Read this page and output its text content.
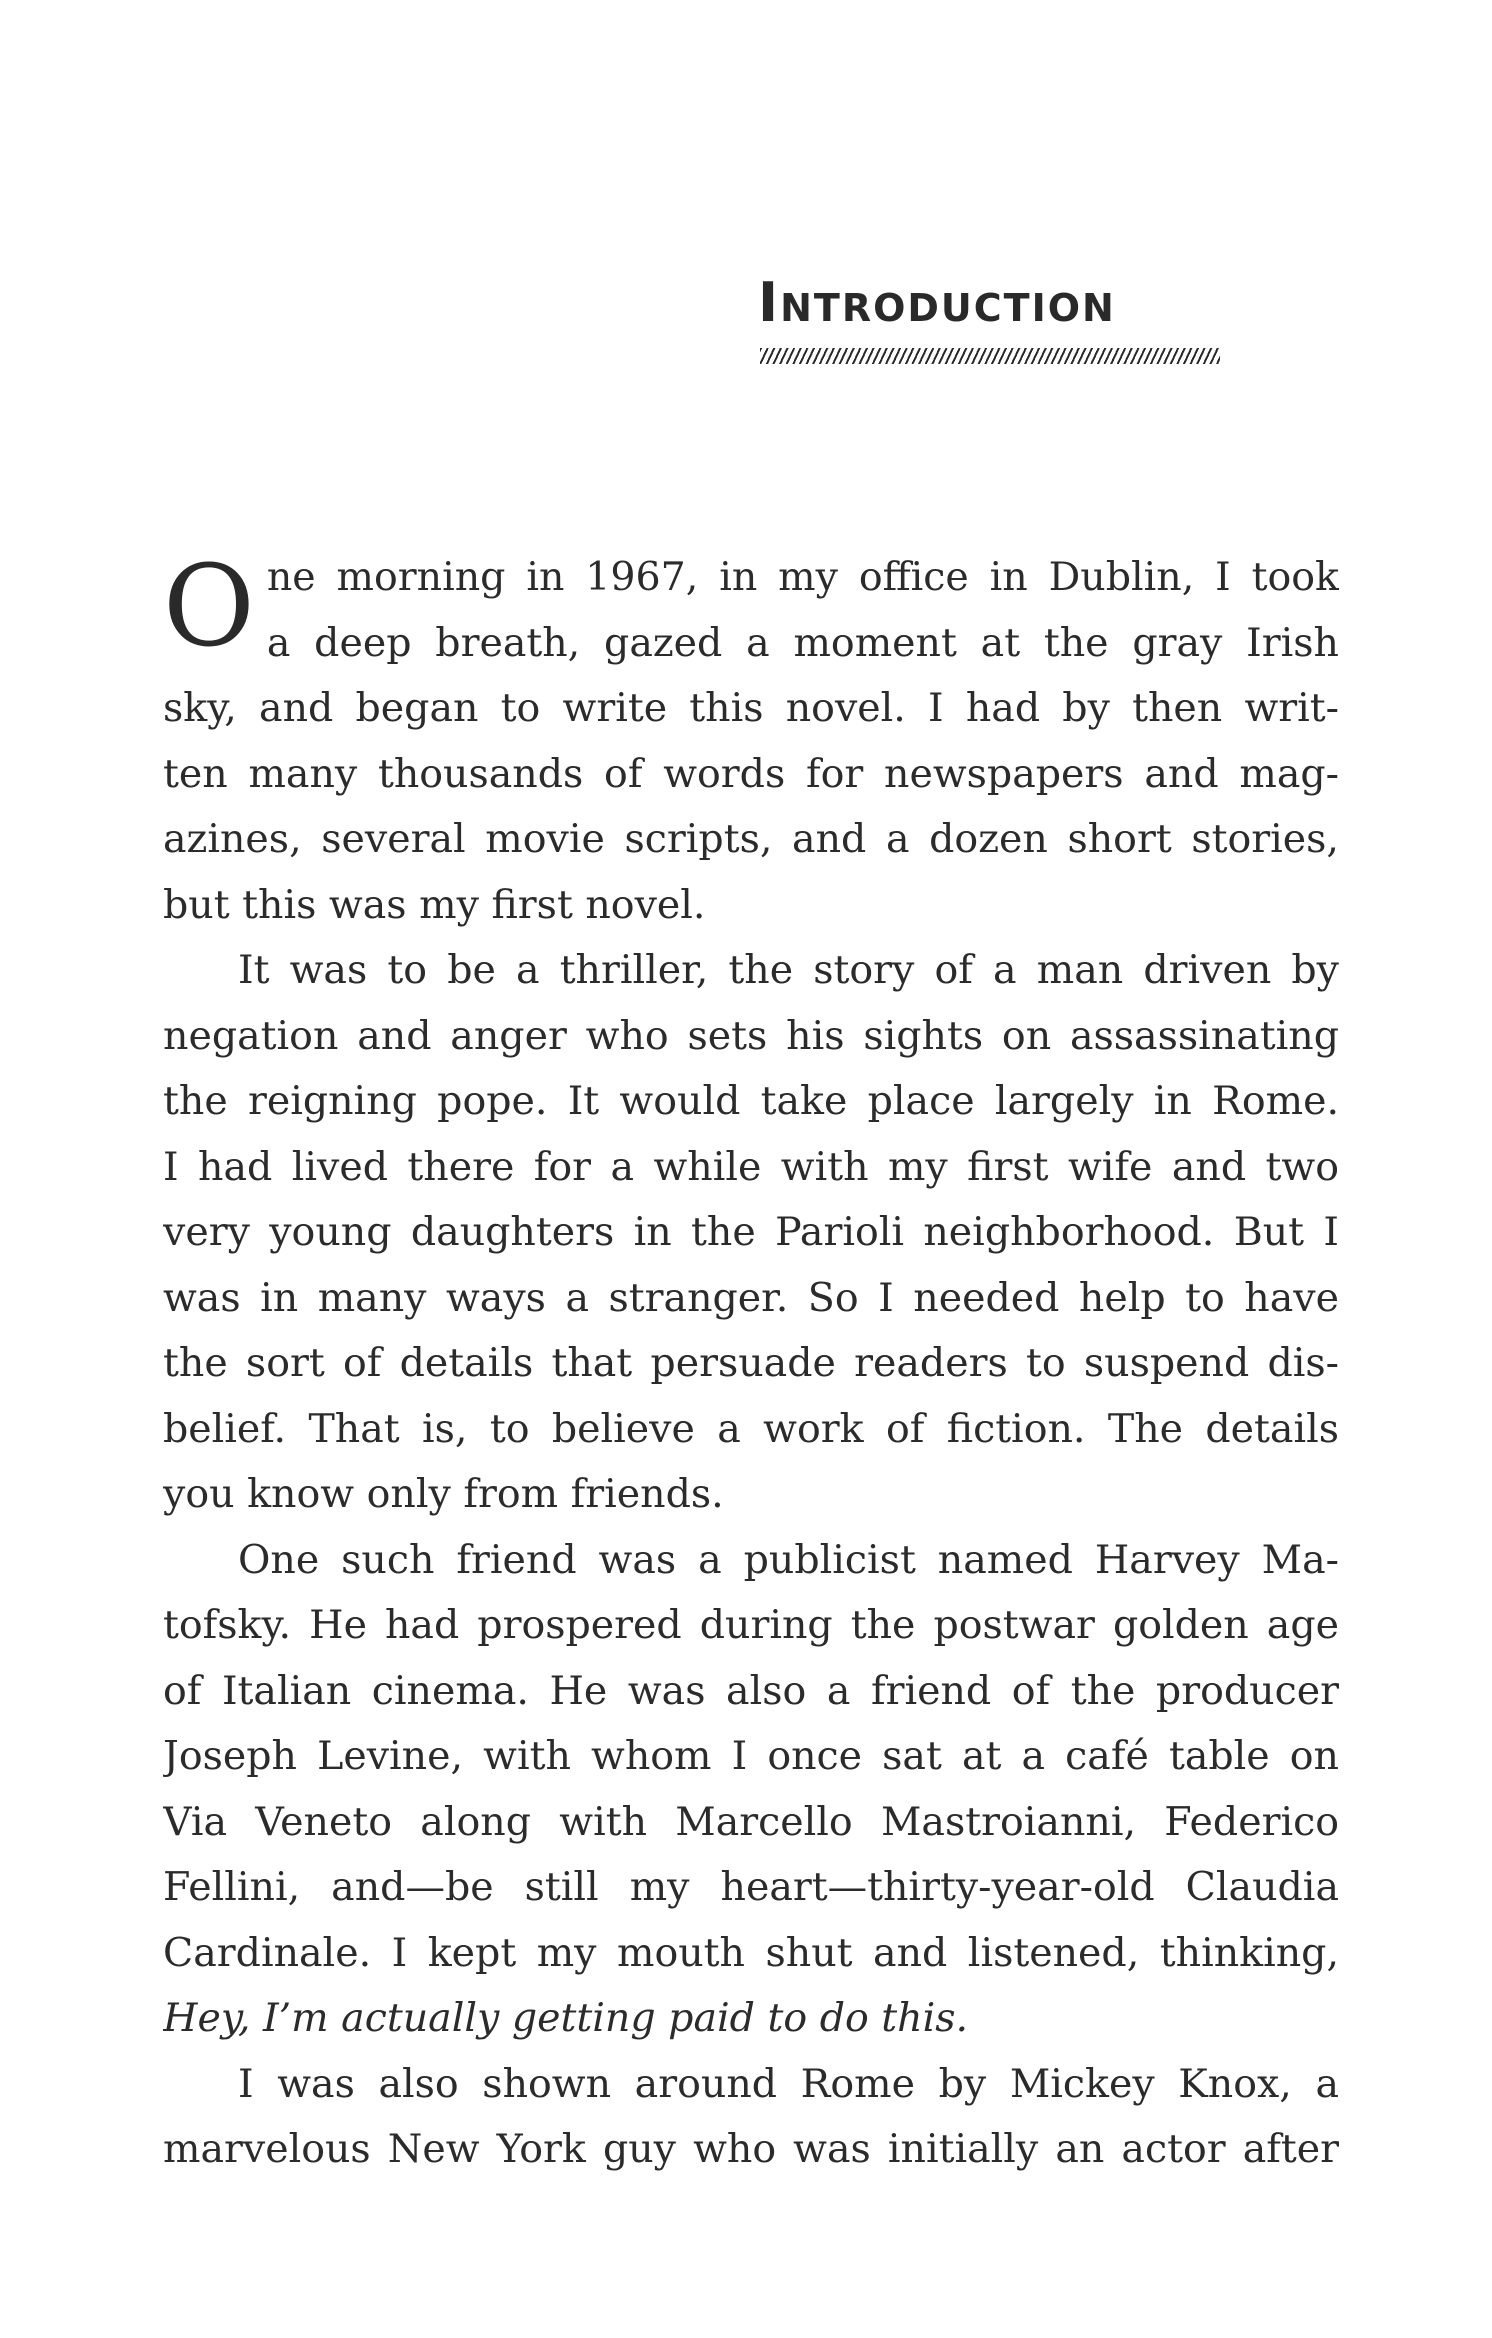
Introduction
O ne morning in 1967, in my office in Dublin, I took
a deep breath, gazed a moment at the gray Irish
sky, and began to write this novel. I had by then writ-
ten many thousands of words for newspapers and mag-
azines, several movie scripts, and a dozen short stories,
but this was my first novel.
It was to be a thriller, the story of a man driven by
negation and anger who sets his sights on assassinating
the reigning pope. It would take place largely in Rome.
I had lived there for a while with my first wife and two
very young daughters in the Parioli neighborhood. But I
was in many ways a stranger. So I needed help to have
the sort of details that persuade readers to suspend dis-
belief. That is, to believe a work of fiction. The details
you know only from friends.
One such friend was a publicist named Harvey Ma-
tofsky. He had prospered during the postwar golden age
of Italian cinema. He was also a friend of the producer
Joseph Levine, with whom I once sat at a café table on
Via Veneto along with Marcello Mastroianni, Federico
Fellini, and—be still my heart—thirty-year-old Claudia
Cardinale. I kept my mouth shut and listened, thinking,
Hey, I’m actually getting paid to do this.
I was also shown around Rome by Mickey Knox, a
marvelous New York guy who was initially an actor after
